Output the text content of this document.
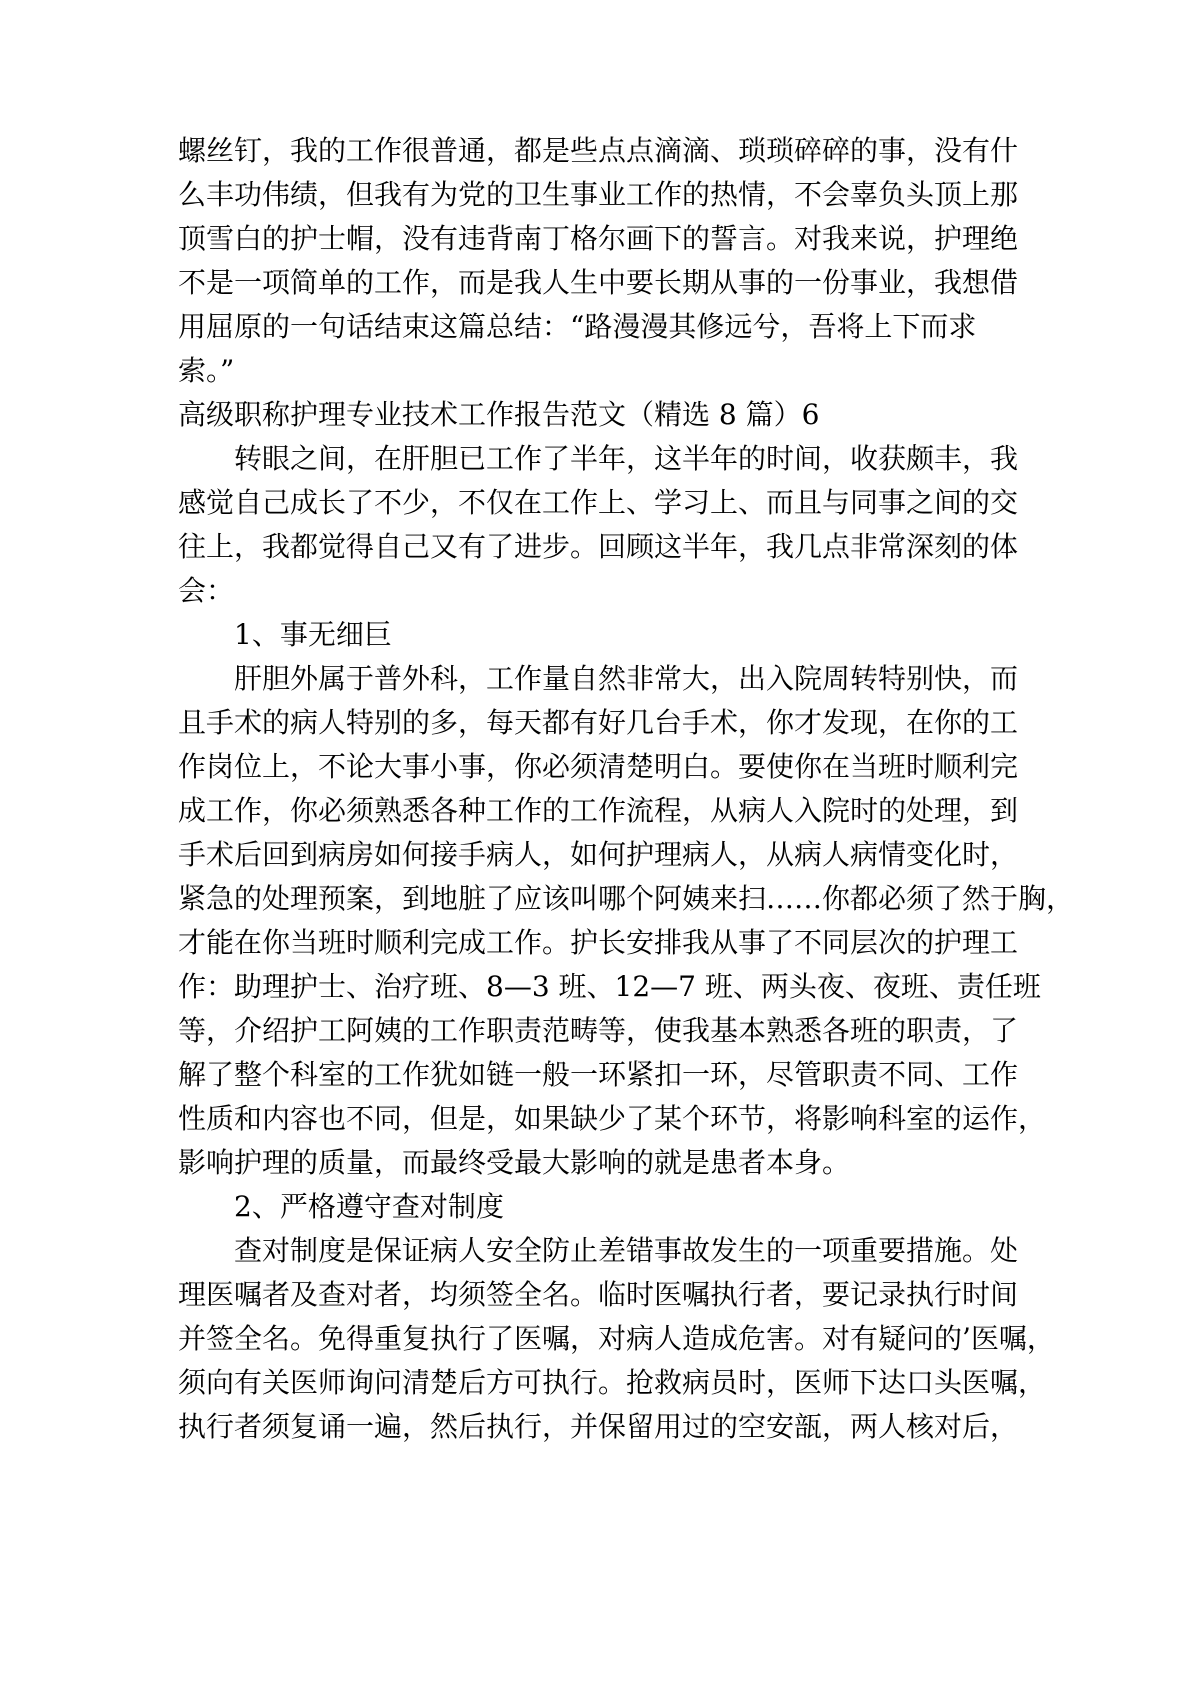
螺丝钉，我的工作很普通，都是些点点滴滴、琐琐碎碎的事，没有什
么丰功伟绩，但我有为党的卫生事业工作的热情，不会辜负头顶上那
顶雪白的护士帽，没有违背南丁格尔画下的誓言。对我来说，护理绝
不是一项简单的工作，而是我人生中要长期从事的一份事业，我想借
用屈原的一句话结束这篇总结：“路漫漫其修远兮，吾将上下而求
索。”
高级职称护理专业技术工作报告范文（精选 8 篇）6
转眼之间，在肝胆已工作了半年，这半年的时间，收获颇丰，我
感觉自己成长了不少，不仅在工作上、学习上、而且与同事之间的交
往上，我都觉得自己又有了进步。回顾这半年，我几点非常深刻的体
会：
1、事无细巨
肝胆外属于普外科，工作量自然非常大，出入院周转特别快，而
且手术的病人特别的多，每天都有好几台手术，你才发现，在你的工
作岗位上，不论大事小事，你必须清楚明白。要使你在当班时顺利完
成工作，你必须熟悉各种工作的工作流程，从病人入院时的处理，到
手术后回到病房如何接手病人，如何护理病人，从病人病情变化时，
紧急的处理预案，到地脏了应该叫哪个阿姨来扫……你都必须了然于胸，
才能在你当班时顺利完成工作。护长安排我从事了不同层次的护理工
作：助理护士、治疗班、8—3 班、12—7 班、两头夜、夜班、责任班
等，介绍护工阿姨的工作职责范畴等，使我基本熟悉各班的职责，了
解了整个科室的工作犹如链一般一环紧扣一环，尽管职责不同、工作
性质和内容也不同，但是，如果缺少了某个环节，将影响科室的运作，
影响护理的质量，而最终受最大影响的就是患者本身。
2、严格遵守查对制度
查对制度是保证病人安全防止差错事故发生的一项重要措施。处
理医嘱者及查对者，均须签全名。临时医嘱执行者，要记录执行时间
并签全名。免得重复执行了医嘱，对病人造成危害。对有疑问的’医嘱，
须向有关医师询问清楚后方可执行。抢救病员时，医师下达口头医嘱，
执行者须复诵一遍，然后执行，并保留用过的空安瓿，两人核对后，
